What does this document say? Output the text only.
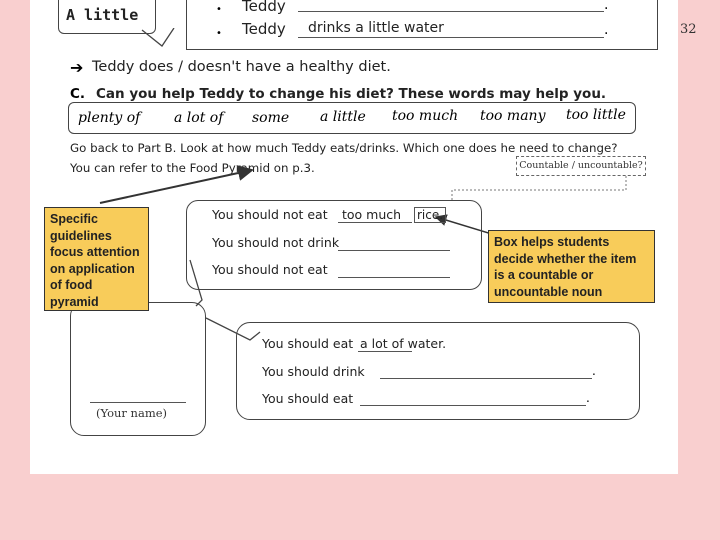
32
A little	• Teddy	.
• Teddy drinks a little water	.
➔ Teddy does / doesn't have a healthy diet.
C. Can you help Teddy to change his diet? These words may help you.
plenty of a lot of some a little too much too many too little
Go back to Part B. Look at how much Teddy eats/drinks. Which one does he need to change?
You can refer to the Food Pyramid on p.3.	Countable / uncountable?
You should not eat too much rice.
You should not drink
You should not eat
(Your name)
You should eat a lot of water.
You should drink	.
You should eat	.
Specific guidelines focus attention on application of food pyramid
Box helps students decide whether the item is a countable or uncountable noun
